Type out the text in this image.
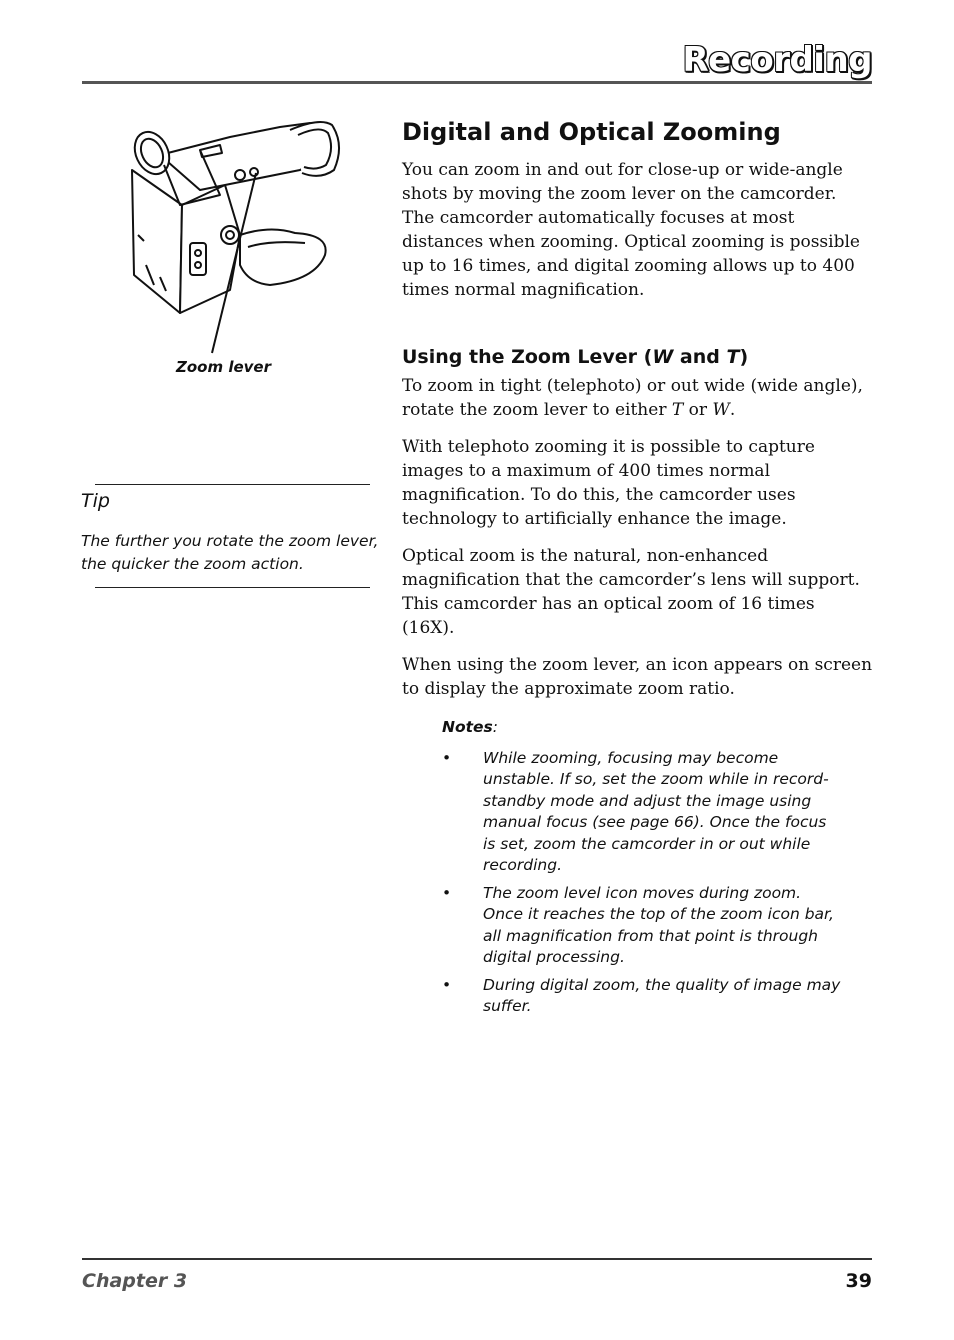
Recording
Zoom lever
Tip
The further you rotate the zoom lever, the quicker the zoom action.
Digital and Optical Zooming
You can zoom in and out for close-up or wide-angle shots by moving the zoom lever on the camcorder. The camcorder automatically focuses at most distances when zooming. Optical zooming is possible up to 16 times, and digital zooming allows up to 400 times normal magnification.
Using the Zoom Lever (W and T)
To zoom in tight (telephoto) or out wide (wide angle), rotate the zoom lever to either T or W.
With telephoto zooming it is possible to capture images to a maximum of 400 times normal magnification. To do this, the camcorder uses technology to artificially enhance the image.
Optical zoom is the natural, non-enhanced magnification that the camcorder’s lens will support. This camcorder has an optical zoom of 16 times (16X).
When using the zoom lever, an icon appears on screen to display the approximate zoom ratio.
Notes:
•	While zooming, focusing may become unstable. If so, set the zoom while in record-standby mode and adjust the image using manual focus (see page 66). Once the focus is set, zoom the camcorder in or out while recording.
•	The zoom level icon moves during zoom. Once it reaches the top of the zoom icon bar, all magnification from that point is through digital processing.
•	During digital zoom, the quality of image may suffer.
Chapter 3	39
